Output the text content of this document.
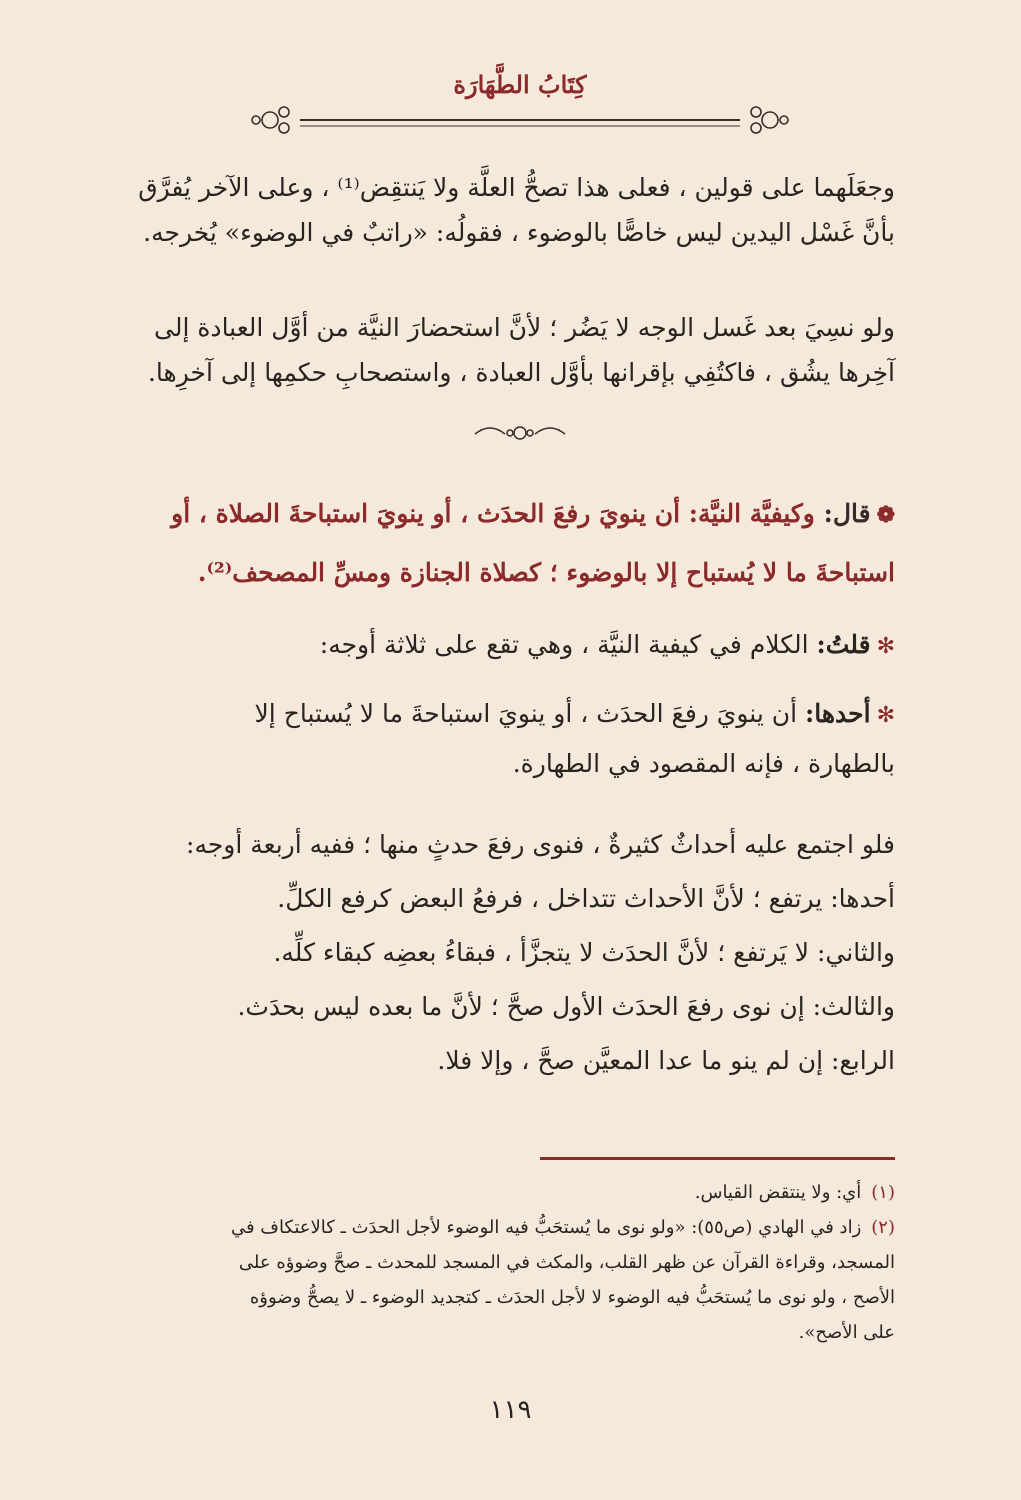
كِتَابُ الطَّهَارَة
وجعَلَهما على قولين ، فعلى هذا تصحُّ العلَّة ولا يَنتقِض⁽¹⁾ ، وعلى الآخر يُفرَّق
بأنَّ غَسْل اليدين ليس خاصًّا بالوضوء ، فقولُه: «راتبٌ في الوضوء» يُخرجه.
ولو نسِيَ بعد غَسل الوجه لا يَضُر ؛ لأنَّ استحضارَ النيَّة من أوَّل العبادة إلى
آخِرها يشُق ، فاكتُفِي بإقرانها بأوَّل العبادة ، واستصحابِ حكمِها إلى آخرِها.
❁قال: وكيفيَّة النيَّة: أن ينويَ رفعَ الحدَث ، أو ينويَ استباحةَ الصلاة ، أو
استباحةَ ما لا يُستباح إلا بالوضوء ؛ كصلاة الجنازة ومسِّ المصحف⁽²⁾.
✻قلتُ: الكلام في كيفية النيَّة ، وهي تقع على ثلاثة أوجه:
✻أحدها: أن ينويَ رفعَ الحدَث ، أو ينويَ استباحةَ ما لا يُستباح إلا
بالطهارة ، فإنه المقصود في الطهارة.
فلو اجتمع عليه أحداثٌ كثيرةٌ ، فنوى رفعَ حدثٍ منها ؛ ففيه أربعة أوجه:
أحدها: يرتفع ؛ لأنَّ الأحداث تتداخل ، فرفعُ البعض كرفع الكلِّ.
والثاني: لا يَرتفع ؛ لأنَّ الحدَث لا يتجزَّأ ، فبقاءُ بعضِه كبقاء كلِّه.
والثالث: إن نوى رفعَ الحدَث الأول صحَّ ؛ لأنَّ ما بعده ليس بحدَث.
الرابع: إن لم ينو ما عدا المعيَّن صحَّ ، وإلا فلا.
(١)أي: ولا ينتقض القياس.
(٢)زاد في الهادي (ص٥٥): «ولو نوى ما يُستحَبُّ فيه الوضوء لأجل الحدَث ـ كالاعتكاف في
المسجد، وقراءة القرآن عن ظهر القلب، والمكث في المسجد للمحدث ـ صحَّ وضوؤه على
الأصح ، ولو نوى ما يُستحَبُّ فيه الوضوء لا لأجل الحدَث ـ كتجديد الوضوء ـ لا يصحُّ وضوؤه
على الأصح».
١١٩
